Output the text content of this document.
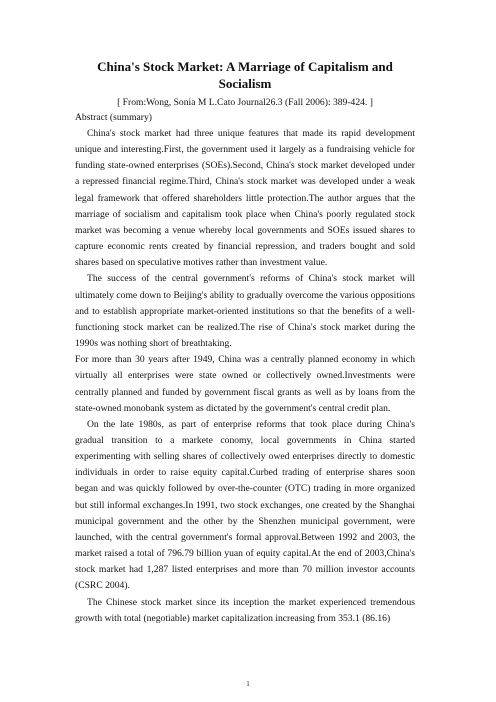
China's Stock Market: A Marriage of Capitalism and Socialism
[ From:Wong, Sonia M L.Cato Journal26.3 (Fall 2006): 389-424. ]
Abstract (summary)

China's stock market had three unique features that made its rapid development unique and interesting.First, the government used it largely as a fundraising vehicle for funding state-owned enterprises (SOEs).Second, China's stock market developed under a repressed financial regime.Third, China's stock market was developed under a weak legal framework that offered shareholders little protection.The author argues that the marriage of socialism and capitalism took place when China's poorly regulated stock market was becoming a venue whereby local governments and SOEs issued shares to capture economic rents created by financial repression, and traders bought and sold shares based on speculative motives rather than investment value.

The success of the central government's reforms of China's stock market will ultimately come down to Beijing's ability to gradually overcome the various oppositions and to establish appropriate market-oriented institutions so that the benefits of a well-functioning stock market can be realized.The rise of China's stock market during the 1990s was nothing short of breathtaking.

For more than 30 years after 1949, China was a centrally planned economy in which virtually all enterprises were state owned or collectively owned.Investments were centrally planned and funded by government fiscal grants as well as by loans from the state-owned monobank system as dictated by the government's central credit plan.

On the late 1980s, as part of enterprise reforms that took place during China's gradual transition to a markete conomy, local governments in China started experimenting with selling shares of collectively owed enterprises directly to domestic individuals in order to raise equity capital.Curbed trading of enterprise shares soon began and was quickly followed by over-the-counter (OTC) trading in more organized but still informal exchanges.In 1991, two stock exchanges, one created by the Shanghai municipal government and the other by the Shenzhen municipal government, were launched, with the central government's formal approval.Between 1992 and 2003, the market raised a total of 796.79 billion yuan of equity capital.At the end of 2003,China's stock market had 1,287 listed enterprises and more than 70 million investor accounts (CSRC 2004).

The Chinese stock market since its inception the market experienced tremendous growth with total (negotiable) market capitalization increasing from 353.1 (86.16)

1
